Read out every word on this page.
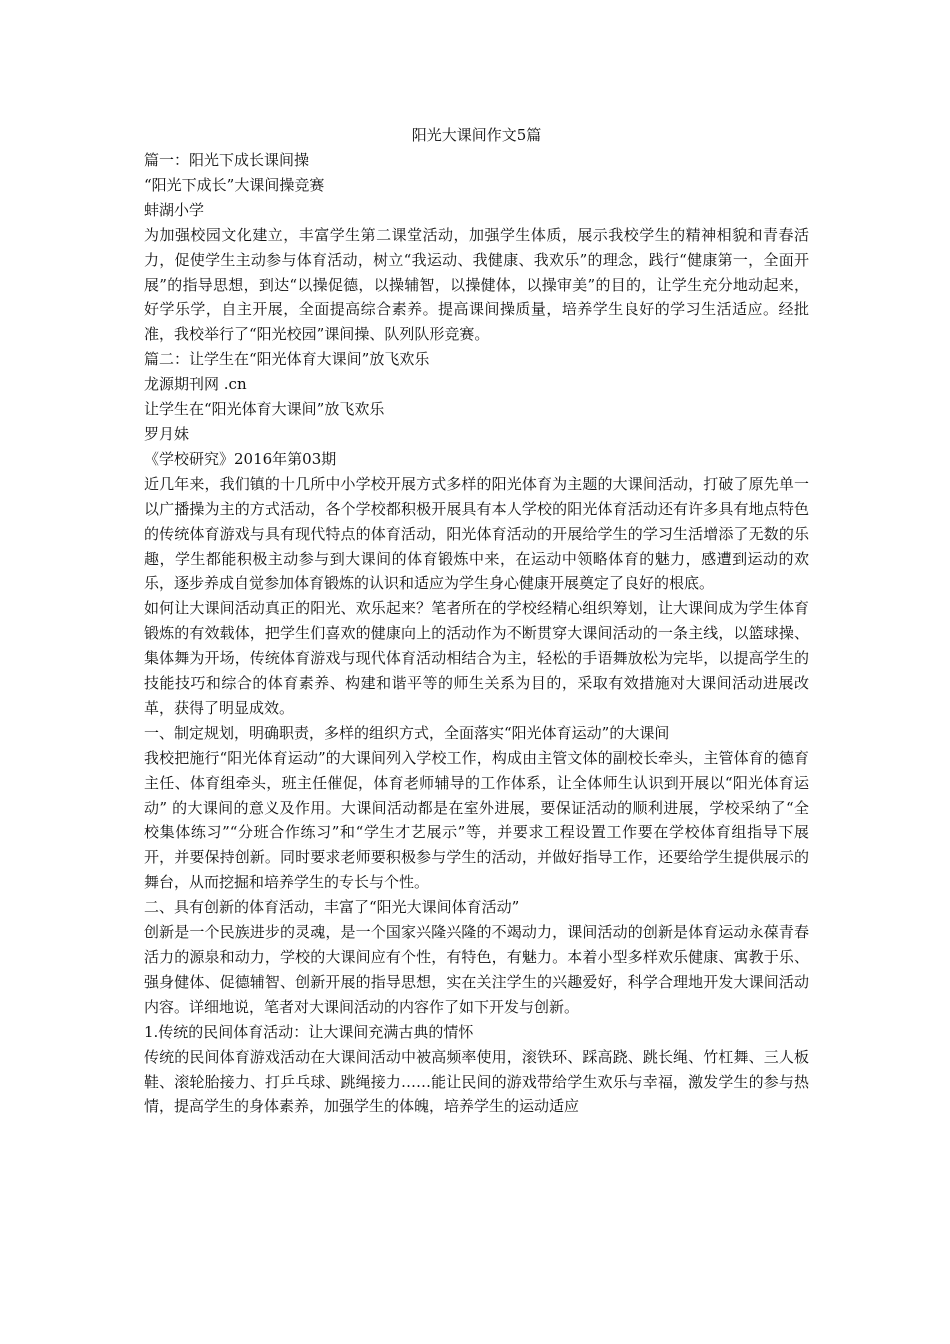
阳光大课间作文5篇

篇一：阳光下成长课间操

“阳光下成长”大课间操竞赛

蚌湖小学

为加强校园文化建立，丰富学生第二课堂活动，加强学生体质，展示我校学生的精神相貌和青春活力，促使学生主动参与体育活动，树立“我运动、我健康、我欢乐”的理念，践行“健康第一，全面开展”的指导思想，到达“以操促德，以操辅智，以操健体，以操审美”的目的，让学生充分地动起来，好学乐学，自主开展，全面提高综合素养。提高课间操质量，培养学生良好的学习生活适应。经批准，我校举行了“阳光校园”课间操、队列队形竞赛。

篇二：让学生在“阳光体育大课间”放飞欢乐

龙源期刊网 .cn

让学生在“阳光体育大课间”放飞欢乐

罗月妹

《学校研究》2016年第03期

近几年来，我们镇的十几所中小学校开展方式多样的阳光体育为主题的大课间活动，打破了原先单一以广播操为主的方式活动，各个学校都积极开展具有本人学校的阳光体育活动还有许多具有地点特色的传统体育游戏与具有现代特点的体育活动，阳光体育活动的开展给学生的学习生活增添了无数的乐趣，学生都能积极主动参与到大课间的体育锻炼中来，在运动中领略体育的魅力，感遭到运动的欢乐，逐步养成自觉参加体育锻炼的认识和适应为学生身心健康开展奠定了良好的根底。

如何让大课间活动真正的阳光、欢乐起来？笔者所在的学校经精心组织筹划，让大课间成为学生体育锻炼的有效载体，把学生们喜欢的健康向上的活动作为不断贯穿大课间活动的一条主线，以篮球操、集体舞为开场，传统体育游戏与现代体育活动相结合为主，轻松的手语舞放松为完毕，以提高学生的技能技巧和综合的体育素养、构建和谐平等的师生关系为目的，采取有效措施对大课间活动进展改革，获得了明显成效。

一、制定规划，明确职责，多样的组织方式，全面落实“阳光体育运动”的大课间

我校把施行“阳光体育运动”的大课间列入学校工作，构成由主管文体的副校长牵头，主管体育的德育主任、体育组牵头，班主任催促，体育老师辅导的工作体系，让全体师生认识到开展以“阳光体育运动” 的大课间的意义及作用。大课间活动都是在室外进展，要保证活动的顺利进展，学校采纳了“全校集体练习”“分班合作练习”和“学生才艺展示”等，并要求工程设置工作要在学校体育组指导下展开，并要保持创新。同时要求老师要积极参与学生的活动，并做好指导工作，还要给学生提供展示的舞台，从而挖掘和培养学生的专长与个性。

二、具有创新的体育活动，丰富了“阳光大课间体育活动”

创新是一个民族进步的灵魂，是一个国家兴隆兴隆的不竭动力，课间活动的创新是体育运动永葆青春活力的源泉和动力，学校的大课间应有个性，有特色，有魅力。本着小型多样欢乐健康、寓教于乐、强身健体、促德辅智、创新开展的指导思想，实在关注学生的兴趣爱好，科学合理地开发大课间活动内容。详细地说，笔者对大课间活动的内容作了如下开发与创新。

1.传统的民间体育活动：让大课间充满古典的情怀

传统的民间体育游戏活动在大课间活动中被高频率使用，滚铁环、踩高跷、跳长绳、竹杠舞、三人板鞋、滚轮胎接力、打乒乓球、跳绳接力……能让民间的游戏带给学生欢乐与幸福，激发学生的参与热情，提高学生的身体素养，加强学生的体魄，培养学生的运动适应
